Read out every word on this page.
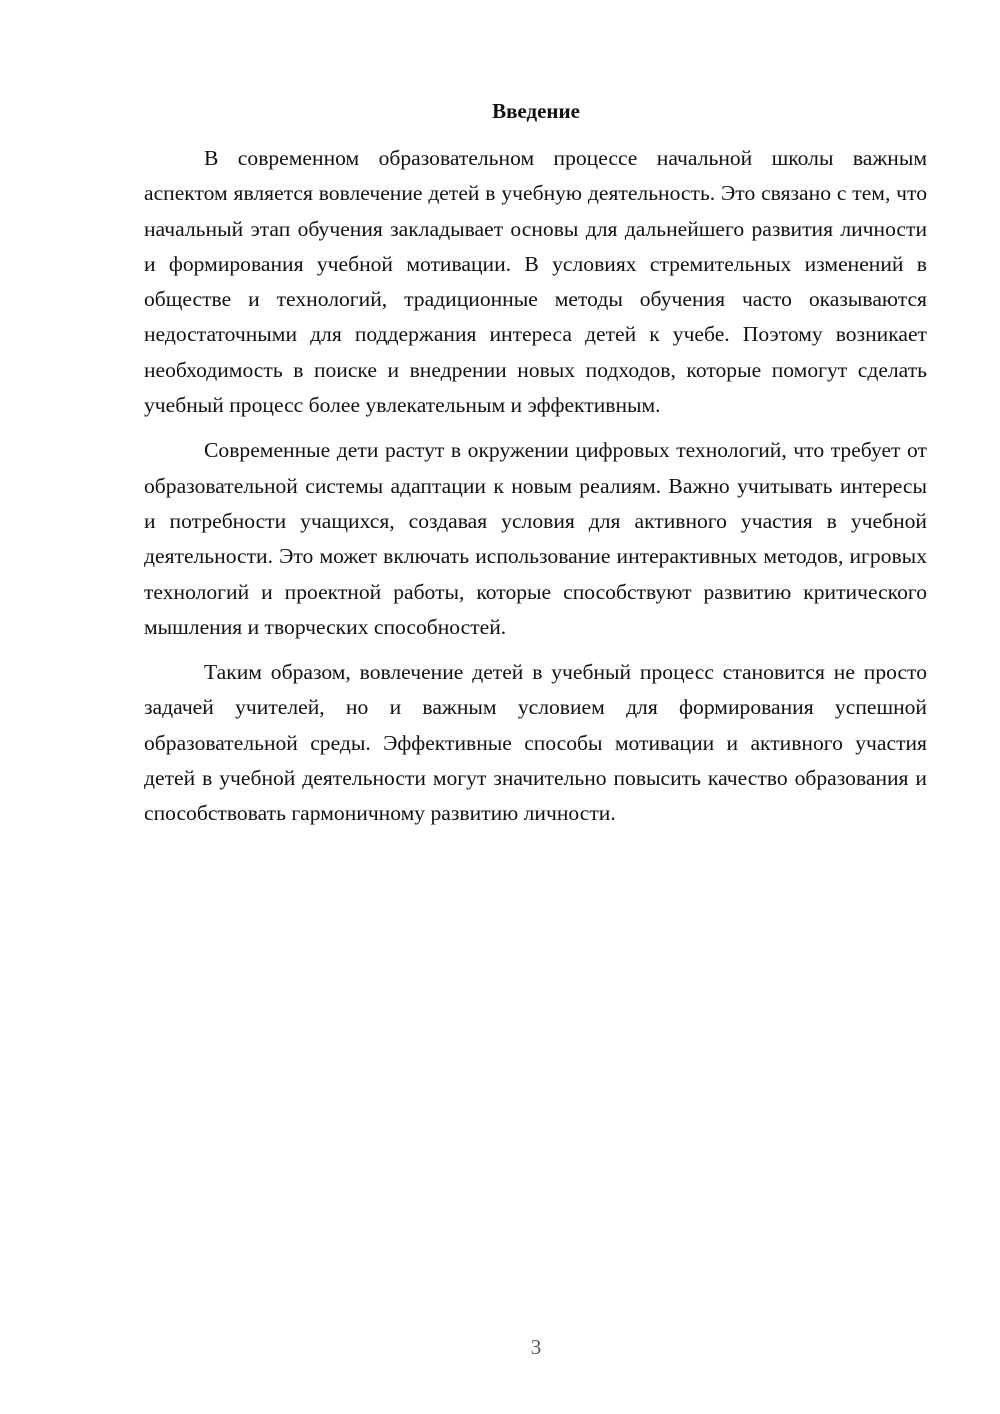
Введение

В современном образовательном процессе начальной школы важным аспектом является вовлечение детей в учебную деятельность. Это связано с тем, что начальный этап обучения закладывает основы для дальнейшего развития личности и формирования учебной мотивации. В условиях стремительных изменений в обществе и технологий, традиционные методы обучения часто оказываются недостаточными для поддержания интереса детей к учебе. Поэтому возникает необходимость в поиске и внедрении новых подходов, которые помогут сделать учебный процесс более увлекательным и эффективным.

Современные дети растут в окружении цифровых технологий, что требует от образовательной системы адаптации к новым реалиям. Важно учитывать интересы и потребности учащихся, создавая условия для активного участия в учебной деятельности. Это может включать использование интерактивных методов, игровых технологий и проектной работы, которые способствуют развитию критического мышления и творческих способностей.

Таким образом, вовлечение детей в учебный процесс становится не просто задачей учителей, но и важным условием для формирования успешной образовательной среды. Эффективные способы мотивации и активного участия детей в учебной деятельности могут значительно повысить качество образования и способствовать гармоничному развитию личности.

3
